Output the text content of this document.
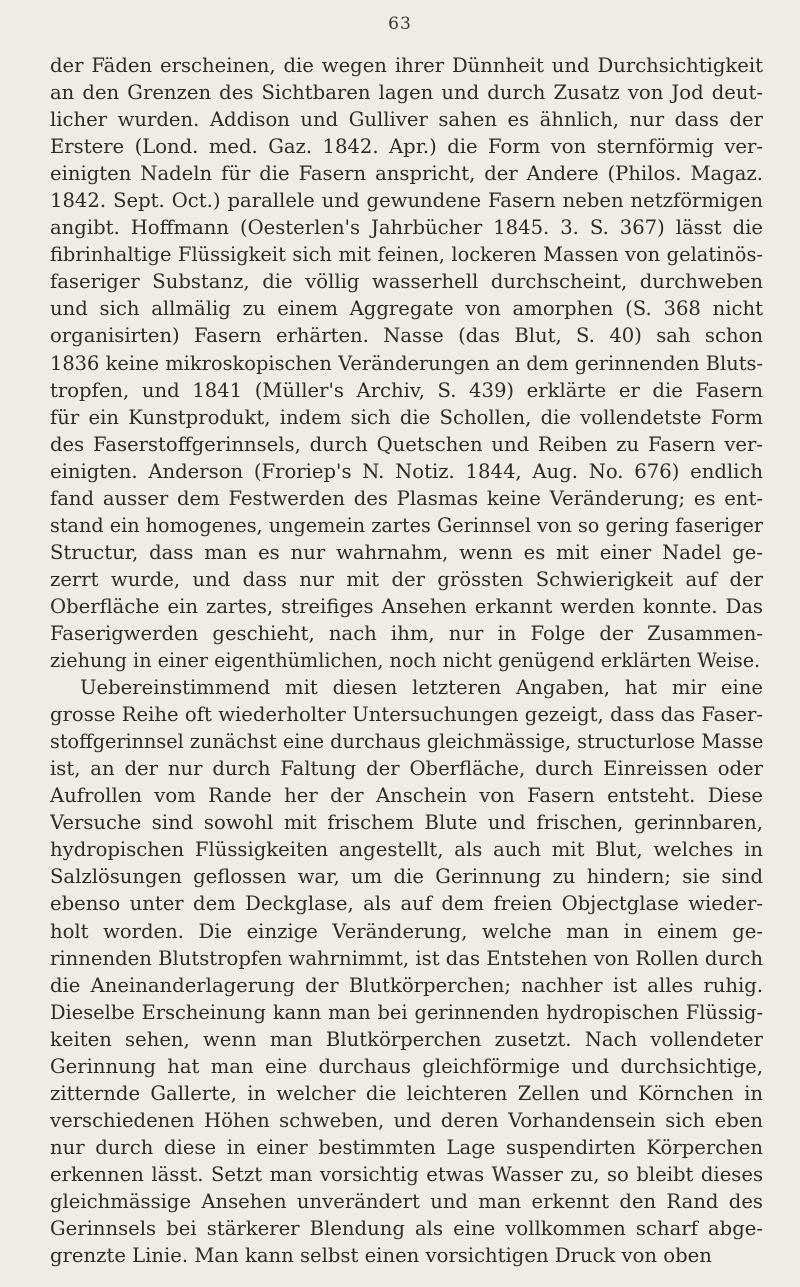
63
der Fäden erscheinen, die wegen ihrer Dünnheit und Durchsichtigkeit
an den Grenzen des Sichtbaren lagen und durch Zusatz von Jod deut-
licher wurden. Addison und Gulliver sahen es ähnlich, nur dass der
Erstere (Lond. med. Gaz. 1842. Apr.) die Form von sternförmig ver-
einigten Nadeln für die Fasern anspricht, der Andere (Philos. Magaz.
1842. Sept. Oct.) parallele und gewundene Fasern neben netzförmigen
angibt. Hoffmann (Oesterlen's Jahrbücher 1845. 3. S. 367) lässt die
fibrinhaltige Flüssigkeit sich mit feinen, lockeren Massen von gelatinös-
faseriger Substanz, die völlig wasserhell durchscheint, durchweben
und sich allmälig zu einem Aggregate von amorphen (S. 368 nicht
organisirten) Fasern erhärten. Nasse (das Blut, S. 40) sah schon
1836 keine mikroskopischen Veränderungen an dem gerinnenden Bluts-
tropfen, und 1841 (Müller's Archiv, S. 439) erklärte er die Fasern
für ein Kunstprodukt, indem sich die Schollen, die vollendetste Form
des Faserstoffgerinnsels, durch Quetschen und Reiben zu Fasern ver-
einigten. Anderson (Froriep's N. Notiz. 1844, Aug. No. 676) endlich
fand ausser dem Festwerden des Plasmas keine Veränderung; es ent-
stand ein homogenes, ungemein zartes Gerinnsel von so gering faseriger
Structur, dass man es nur wahrnahm, wenn es mit einer Nadel ge-
zerrt wurde, und dass nur mit der grössten Schwierigkeit auf der
Oberfläche ein zartes, streifiges Ansehen erkannt werden konnte. Das
Faserigwerden geschieht, nach ihm, nur in Folge der Zusammen-
ziehung in einer eigenthümlichen, noch nicht genügend erklärten Weise.
Uebereinstimmend mit diesen letzteren Angaben, hat mir eine
grosse Reihe oft wiederholter Untersuchungen gezeigt, dass das Faser-
stoffgerinnsel zunächst eine durchaus gleichmässige, structurlose Masse
ist, an der nur durch Faltung der Oberfläche, durch Einreissen oder
Aufrollen vom Rande her der Anschein von Fasern entsteht. Diese
Versuche sind sowohl mit frischem Blute und frischen, gerinnbaren,
hydropischen Flüssigkeiten angestellt, als auch mit Blut, welches in
Salzlösungen geflossen war, um die Gerinnung zu hindern; sie sind
ebenso unter dem Deckglase, als auf dem freien Objectglase wieder-
holt worden. Die einzige Veränderung, welche man in einem ge-
rinnenden Blutstropfen wahrnimmt, ist das Entstehen von Rollen durch
die Aneinanderlagerung der Blutkörperchen; nachher ist alles ruhig.
Dieselbe Erscheinung kann man bei gerinnenden hydropischen Flüssig-
keiten sehen, wenn man Blutkörperchen zusetzt. Nach vollendeter
Gerinnung hat man eine durchaus gleichförmige und durchsichtige,
zitternde Gallerte, in welcher die leichteren Zellen und Körnchen in
verschiedenen Höhen schweben, und deren Vorhandensein sich eben
nur durch diese in einer bestimmten Lage suspendirten Körperchen
erkennen lässt. Setzt man vorsichtig etwas Wasser zu, so bleibt dieses
gleichmässige Ansehen unverändert und man erkennt den Rand des
Gerinnsels bei stärkerer Blendung als eine vollkommen scharf abge-
grenzte Linie. Man kann selbst einen vorsichtigen Druck von oben
